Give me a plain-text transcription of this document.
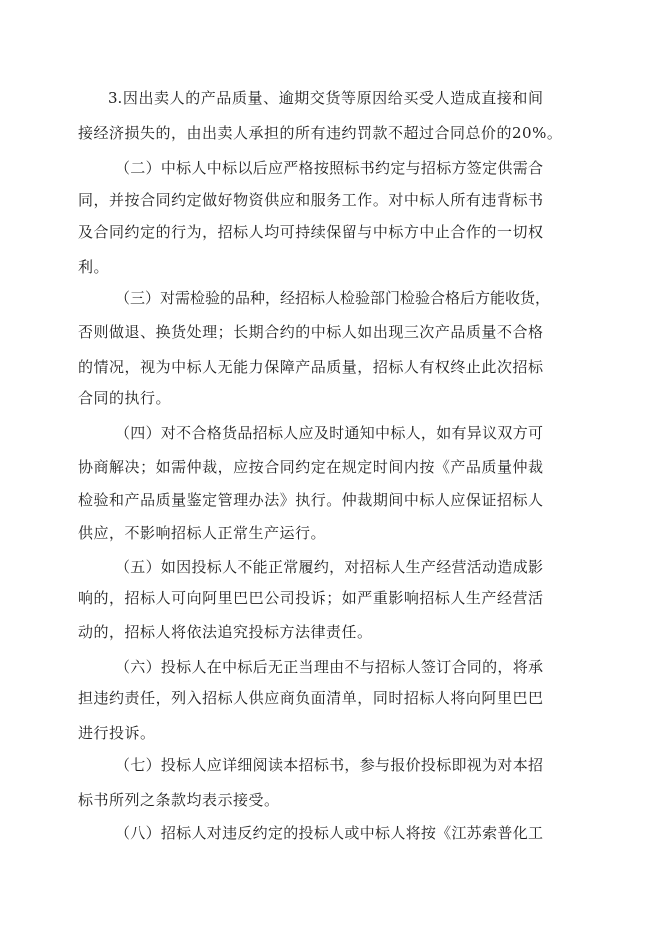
3.因出卖人的产品质量、逾期交货等原因给买受人造成直接和间
接经济损失的，由出卖人承担的所有违约罚款不超过合同总价的20%。
（二）中标人中标以后应严格按照标书约定与招标方签定供需合
同，并按合同约定做好物资供应和服务工作。对中标人所有违背标书
及合同约定的行为，招标人均可持续保留与中标方中止合作的一切权
利。
（三）对需检验的品种，经招标人检验部门检验合格后方能收货，
否则做退、换货处理；长期合约的中标人如出现三次产品质量不合格
的情况，视为中标人无能力保障产品质量，招标人有权终止此次招标
合同的执行。
（四）对不合格货品招标人应及时通知中标人，如有异议双方可
协商解决；如需仲裁，应按合同约定在规定时间内按《产品质量仲裁
检验和产品质量鉴定管理办法》执行。仲裁期间中标人应保证招标人
供应，不影响招标人正常生产运行。
（五）如因投标人不能正常履约，对招标人生产经营活动造成影
响的，招标人可向阿里巴巴公司投诉；如严重影响招标人生产经营活
动的，招标人将依法追究投标方法律责任。
（六）投标人在中标后无正当理由不与招标人签订合同的，将承
担违约责任，列入招标人供应商负面清单，同时招标人将向阿里巴巴
进行投诉。
（七）投标人应详细阅读本招标书，参与报价投标即视为对本招
标书所列之条款均表示接受。
（八）招标人对违反约定的投标人或中标人将按《江苏索普化工
